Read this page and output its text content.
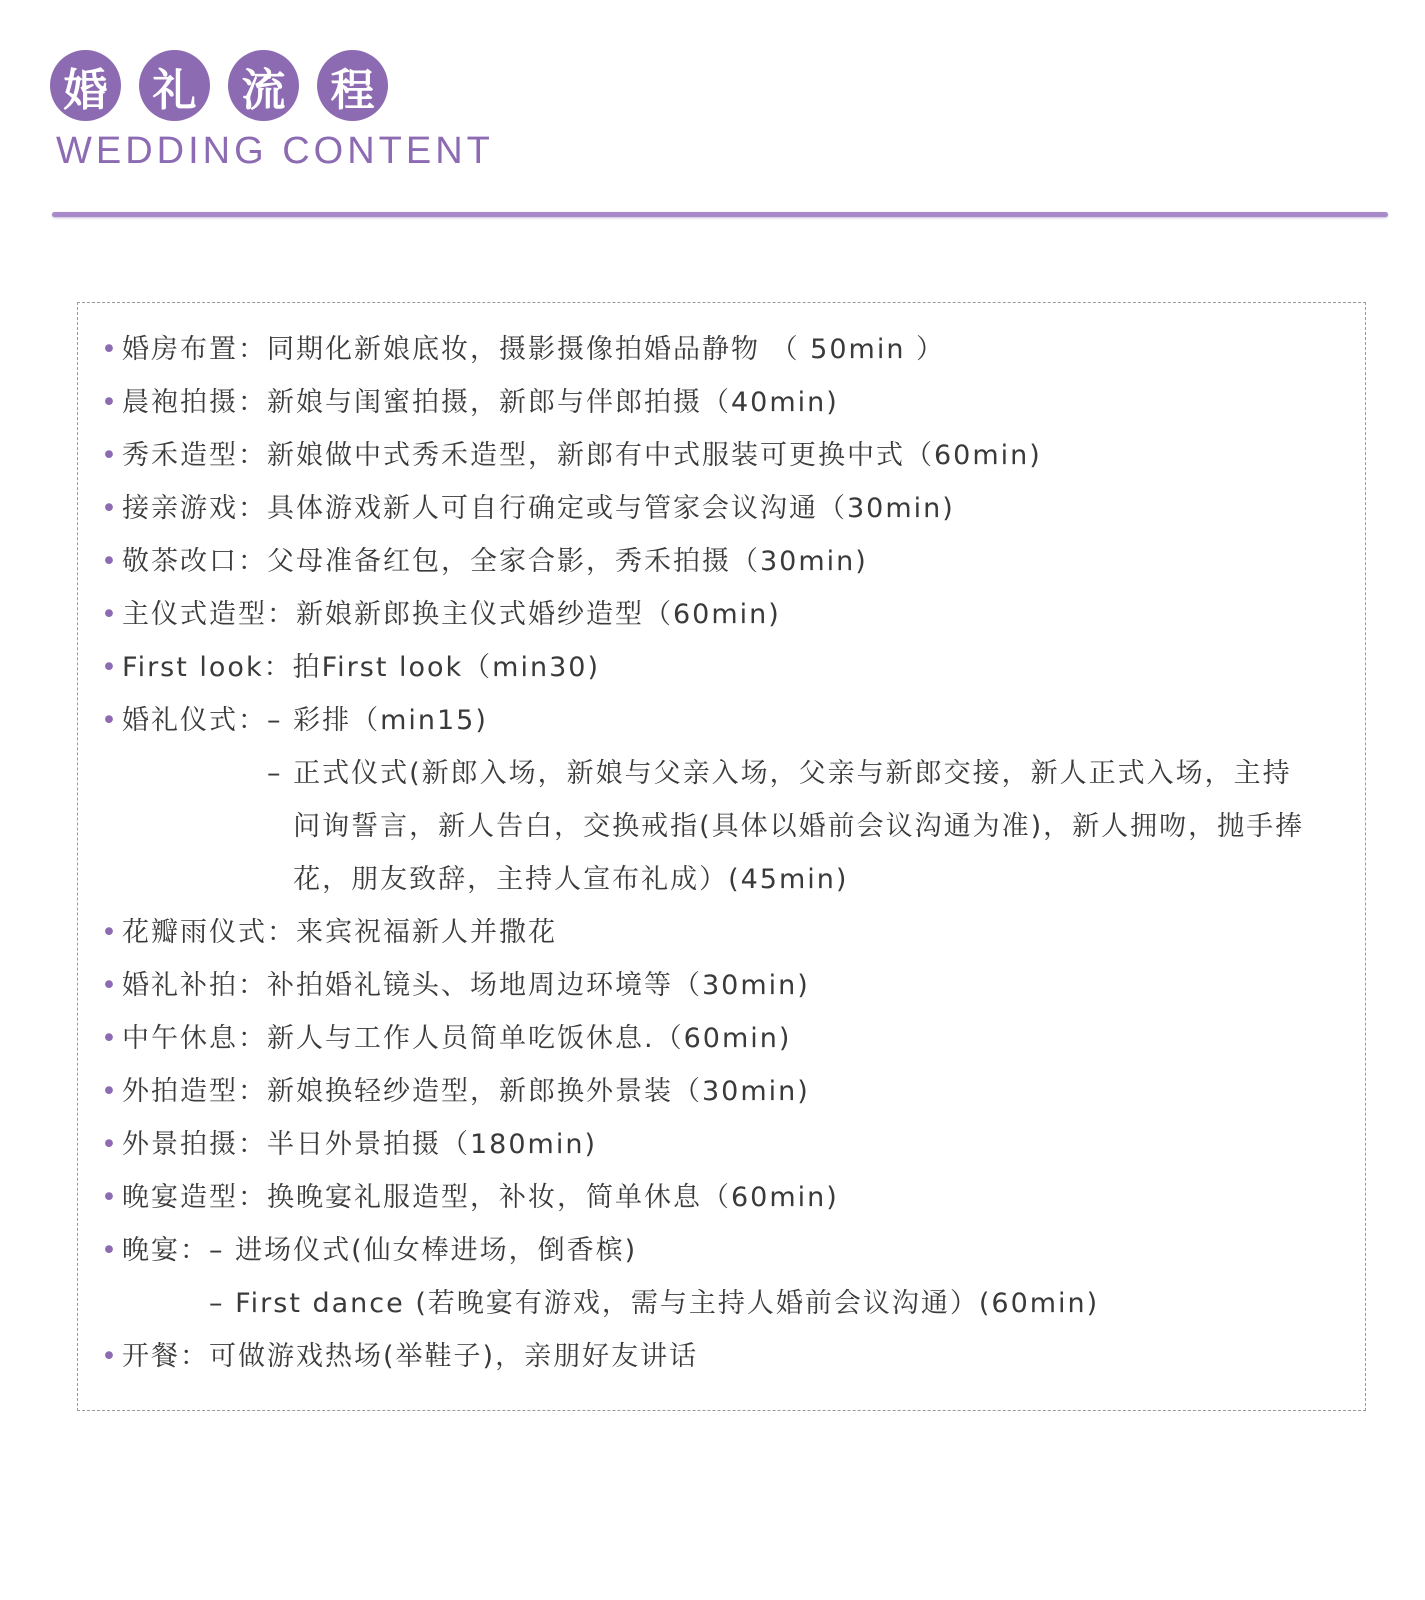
婚	礼	流	程
WEDDING CONTENT
• 婚房布置：同期化新娘底妆，摄影摄像拍婚品静物 （ 50min ）
• 晨袍拍摄：新娘与闺蜜拍摄，新郎与伴郎拍摄（40min)
• 秀禾造型：新娘做中式秀禾造型，新郎有中式服装可更换中式（60min)
• 接亲游戏：具体游戏新人可自行确定或与管家会议沟通（30min)
• 敬茶改口：父母准备红包，全家合影，秀禾拍摄（30min)
• 主仪式造型：新娘新郎换主仪式婚纱造型（60min)
• First look：拍First look（min30)
• 婚礼仪式： – 彩排（min15)
– 正式仪式(新郎入场，新娘与父亲入场，父亲与新郎交接，新人正式入场，主持问询誓言，新人告白，交换戒指(具体以婚前会议沟通为准)，新人拥吻，抛手捧花，朋友致辞，主持人宣布礼成）(45min)
• 花瓣雨仪式：来宾祝福新人并撒花
• 婚礼补拍：补拍婚礼镜头、场地周边环境等（30min)
• 中午休息：新人与工作人员简单吃饭休息.（60min)
• 外拍造型：新娘换轻纱造型，新郎换外景装（30min)
• 外景拍摄：半日外景拍摄（180min)
• 晚宴造型：换晚宴礼服造型，补妆，简单休息（60min)
• 晚宴： – 进场仪式(仙女棒进场，倒香槟)
– First dance (若晚宴有游戏，需与主持人婚前会议沟通）(60min)
• 开餐：可做游戏热场(举鞋子)，亲朋好友讲话
